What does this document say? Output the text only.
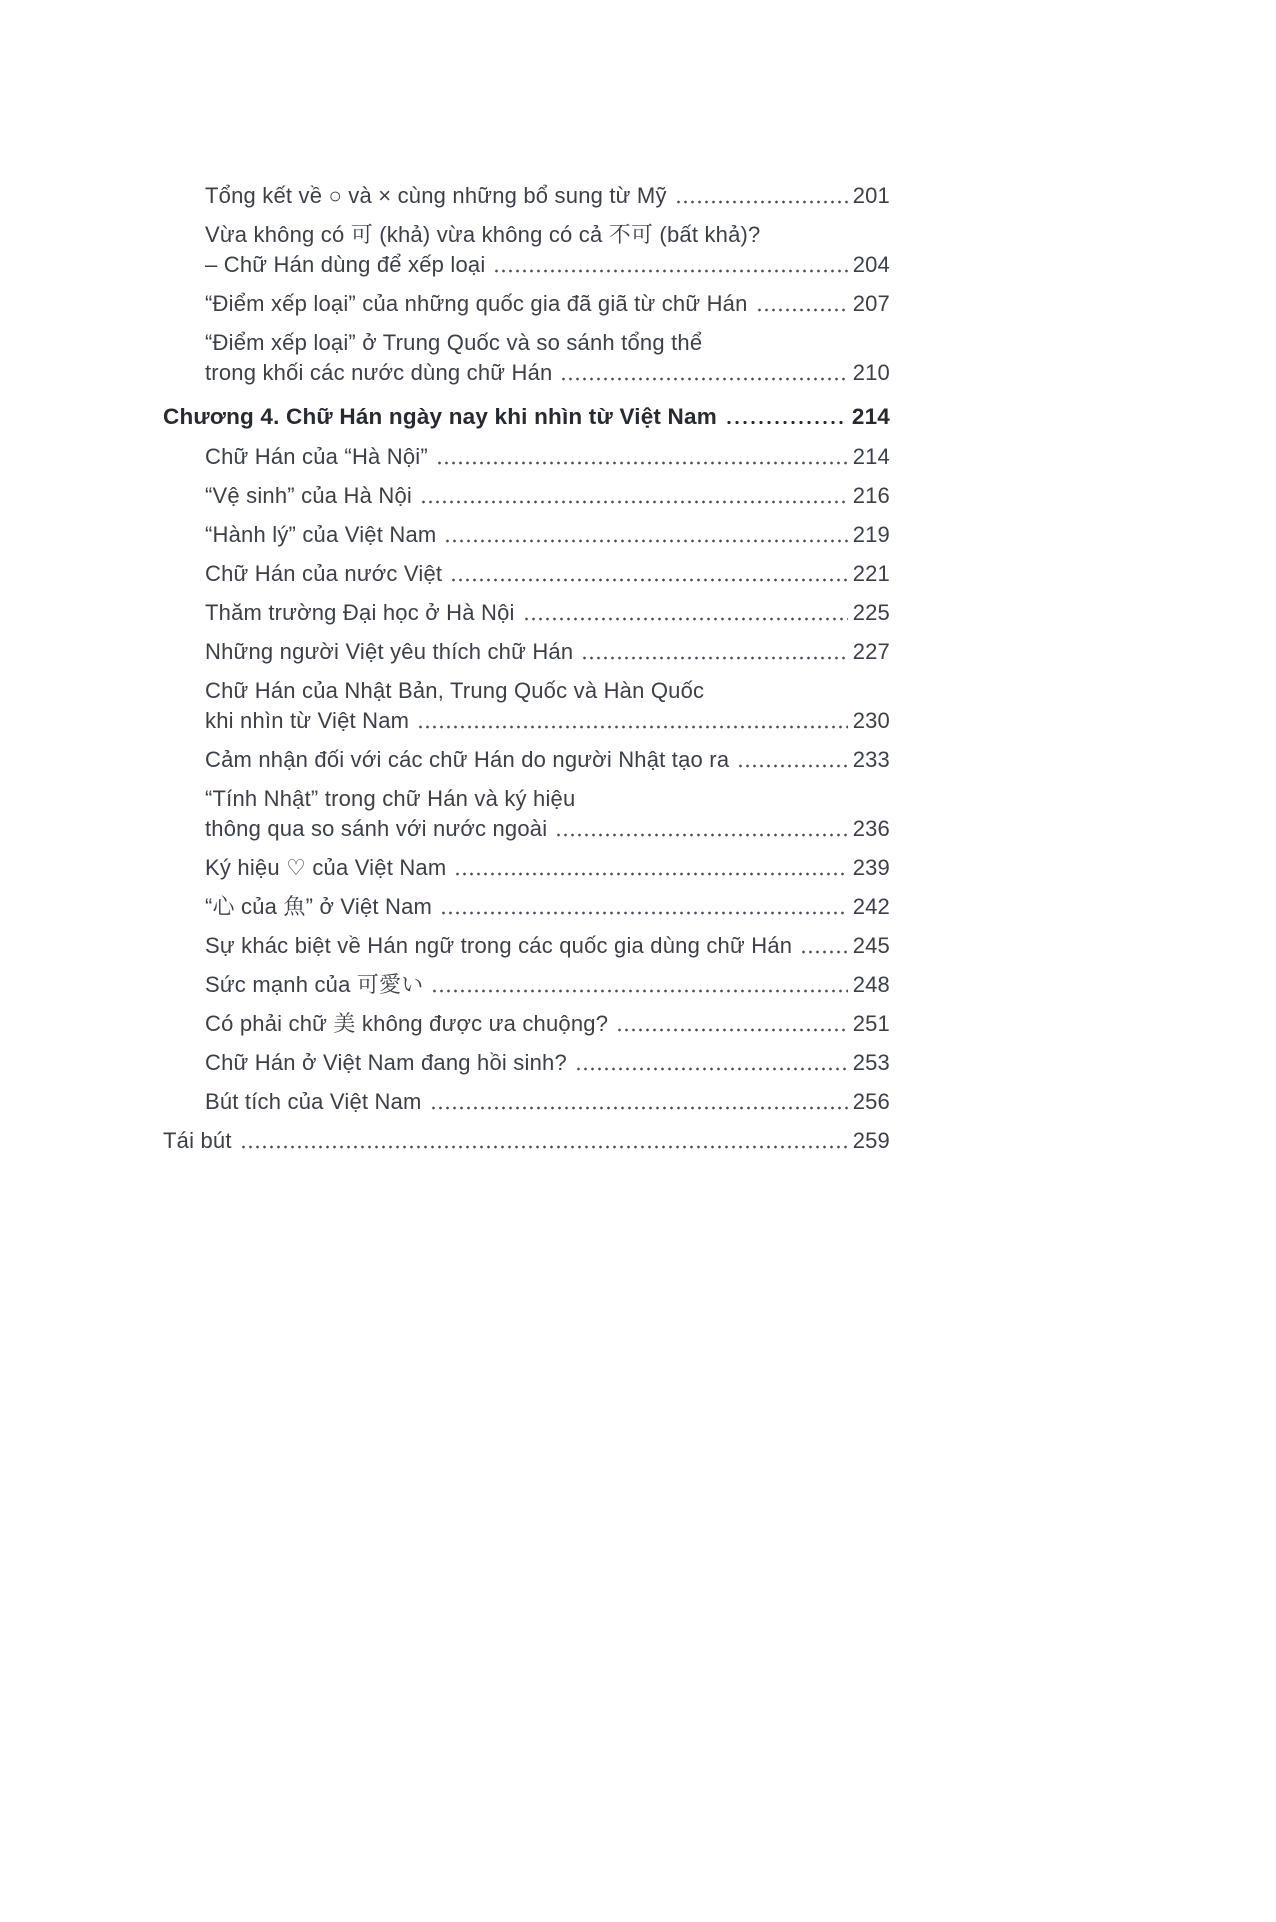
Tổng kết về ○ và × cùng những bổ sung từ Mỹ	201
Vừa không có 可 (khả) vừa không có cả 不可 (bất khả)?
– Chữ Hán dùng để xếp loại	204
“Điểm xếp loại” của những quốc gia đã giã từ chữ Hán	207
“Điểm xếp loại” ở Trung Quốc và so sánh tổng thể
trong khối các nước dùng chữ Hán	210
Chương 4. Chữ Hán ngày nay khi nhìn từ Việt Nam	214
Chữ Hán của “Hà Nội”	214
“Vệ sinh” của Hà Nội	216
“Hành lý” của Việt Nam	219
Chữ Hán của nước Việt	221
Thăm trường Đại học ở Hà Nội	225
Những người Việt yêu thích chữ Hán	227
Chữ Hán của Nhật Bản, Trung Quốc và Hàn Quốc
khi nhìn từ Việt Nam	230
Cảm nhận đối với các chữ Hán do người Nhật tạo ra	233
“Tính Nhật” trong chữ Hán và ký hiệu
thông qua so sánh với nước ngoài	236
Ký hiệu ♡ của Việt Nam	239
“心 của 魚” ở Việt Nam	242
Sự khác biệt về Hán ngữ trong các quốc gia dùng chữ Hán	245
Sức mạnh của 可愛い	248
Có phải chữ 美 không được ưa chuộng?	251
Chữ Hán ở Việt Nam đang hồi sinh?	253
Bút tích của Việt Nam	256
Tái bút	259
